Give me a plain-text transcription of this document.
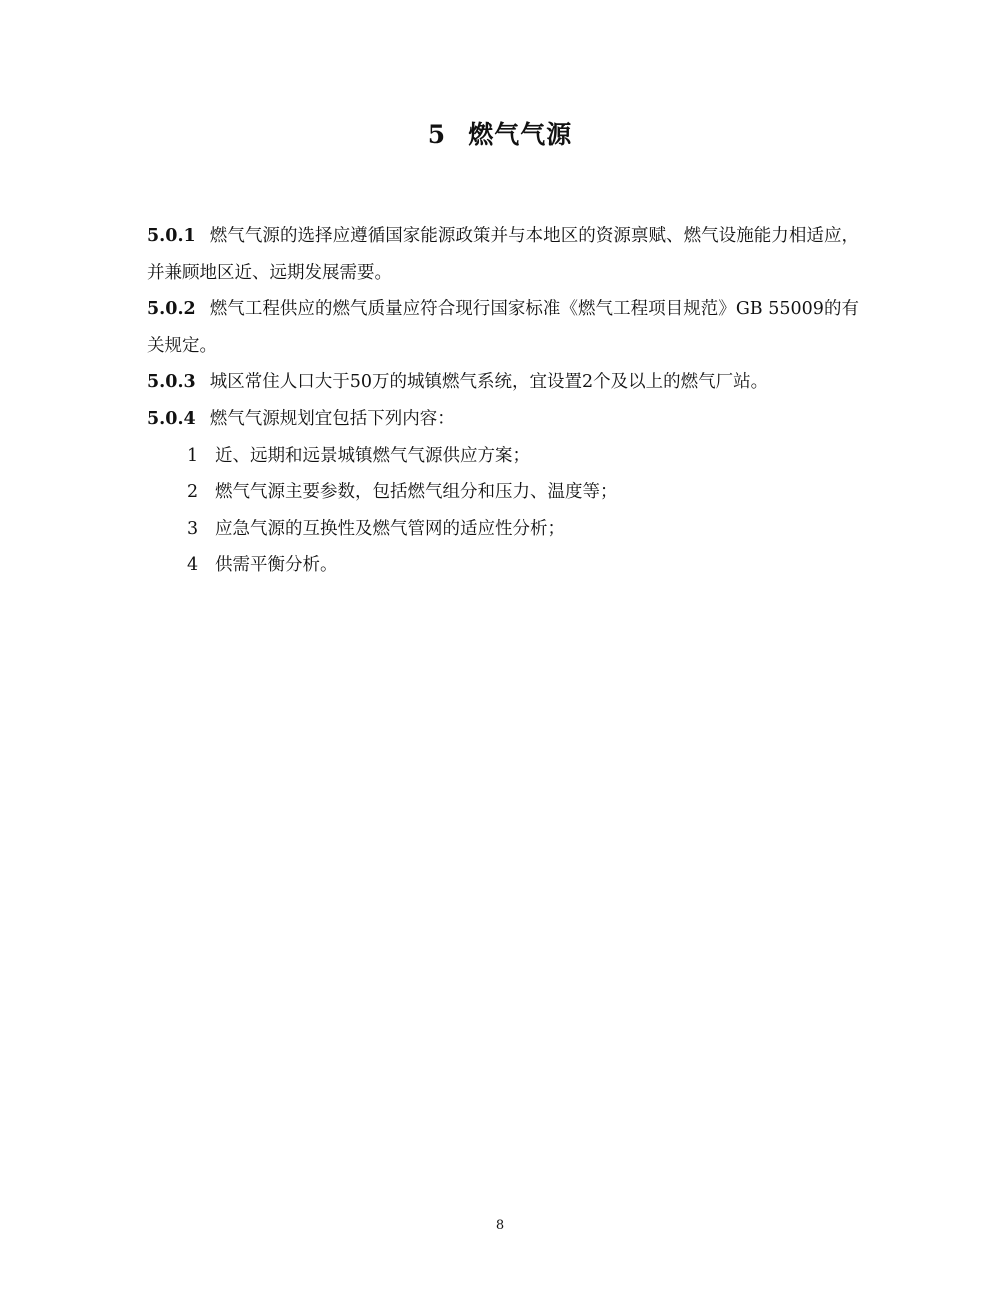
5 燃气气源

5.0.1 燃气气源的选择应遵循国家能源政策并与本地区的资源禀赋、燃气设施能力相适应，并兼顾地区近、远期发展需要。

5.0.2 燃气工程供应的燃气质量应符合现行国家标准《燃气工程项目规范》GB 55009的有关规定。

5.0.3 城区常住人口大于50万的城镇燃气系统，宜设置2个及以上的燃气厂站。

5.0.4 燃气气源规划宜包括下列内容：

1 近、远期和远景城镇燃气气源供应方案；
2 燃气气源主要参数，包括燃气组分和压力、温度等；
3 应急气源的互换性及燃气管网的适应性分析；
4 供需平衡分析。
8
